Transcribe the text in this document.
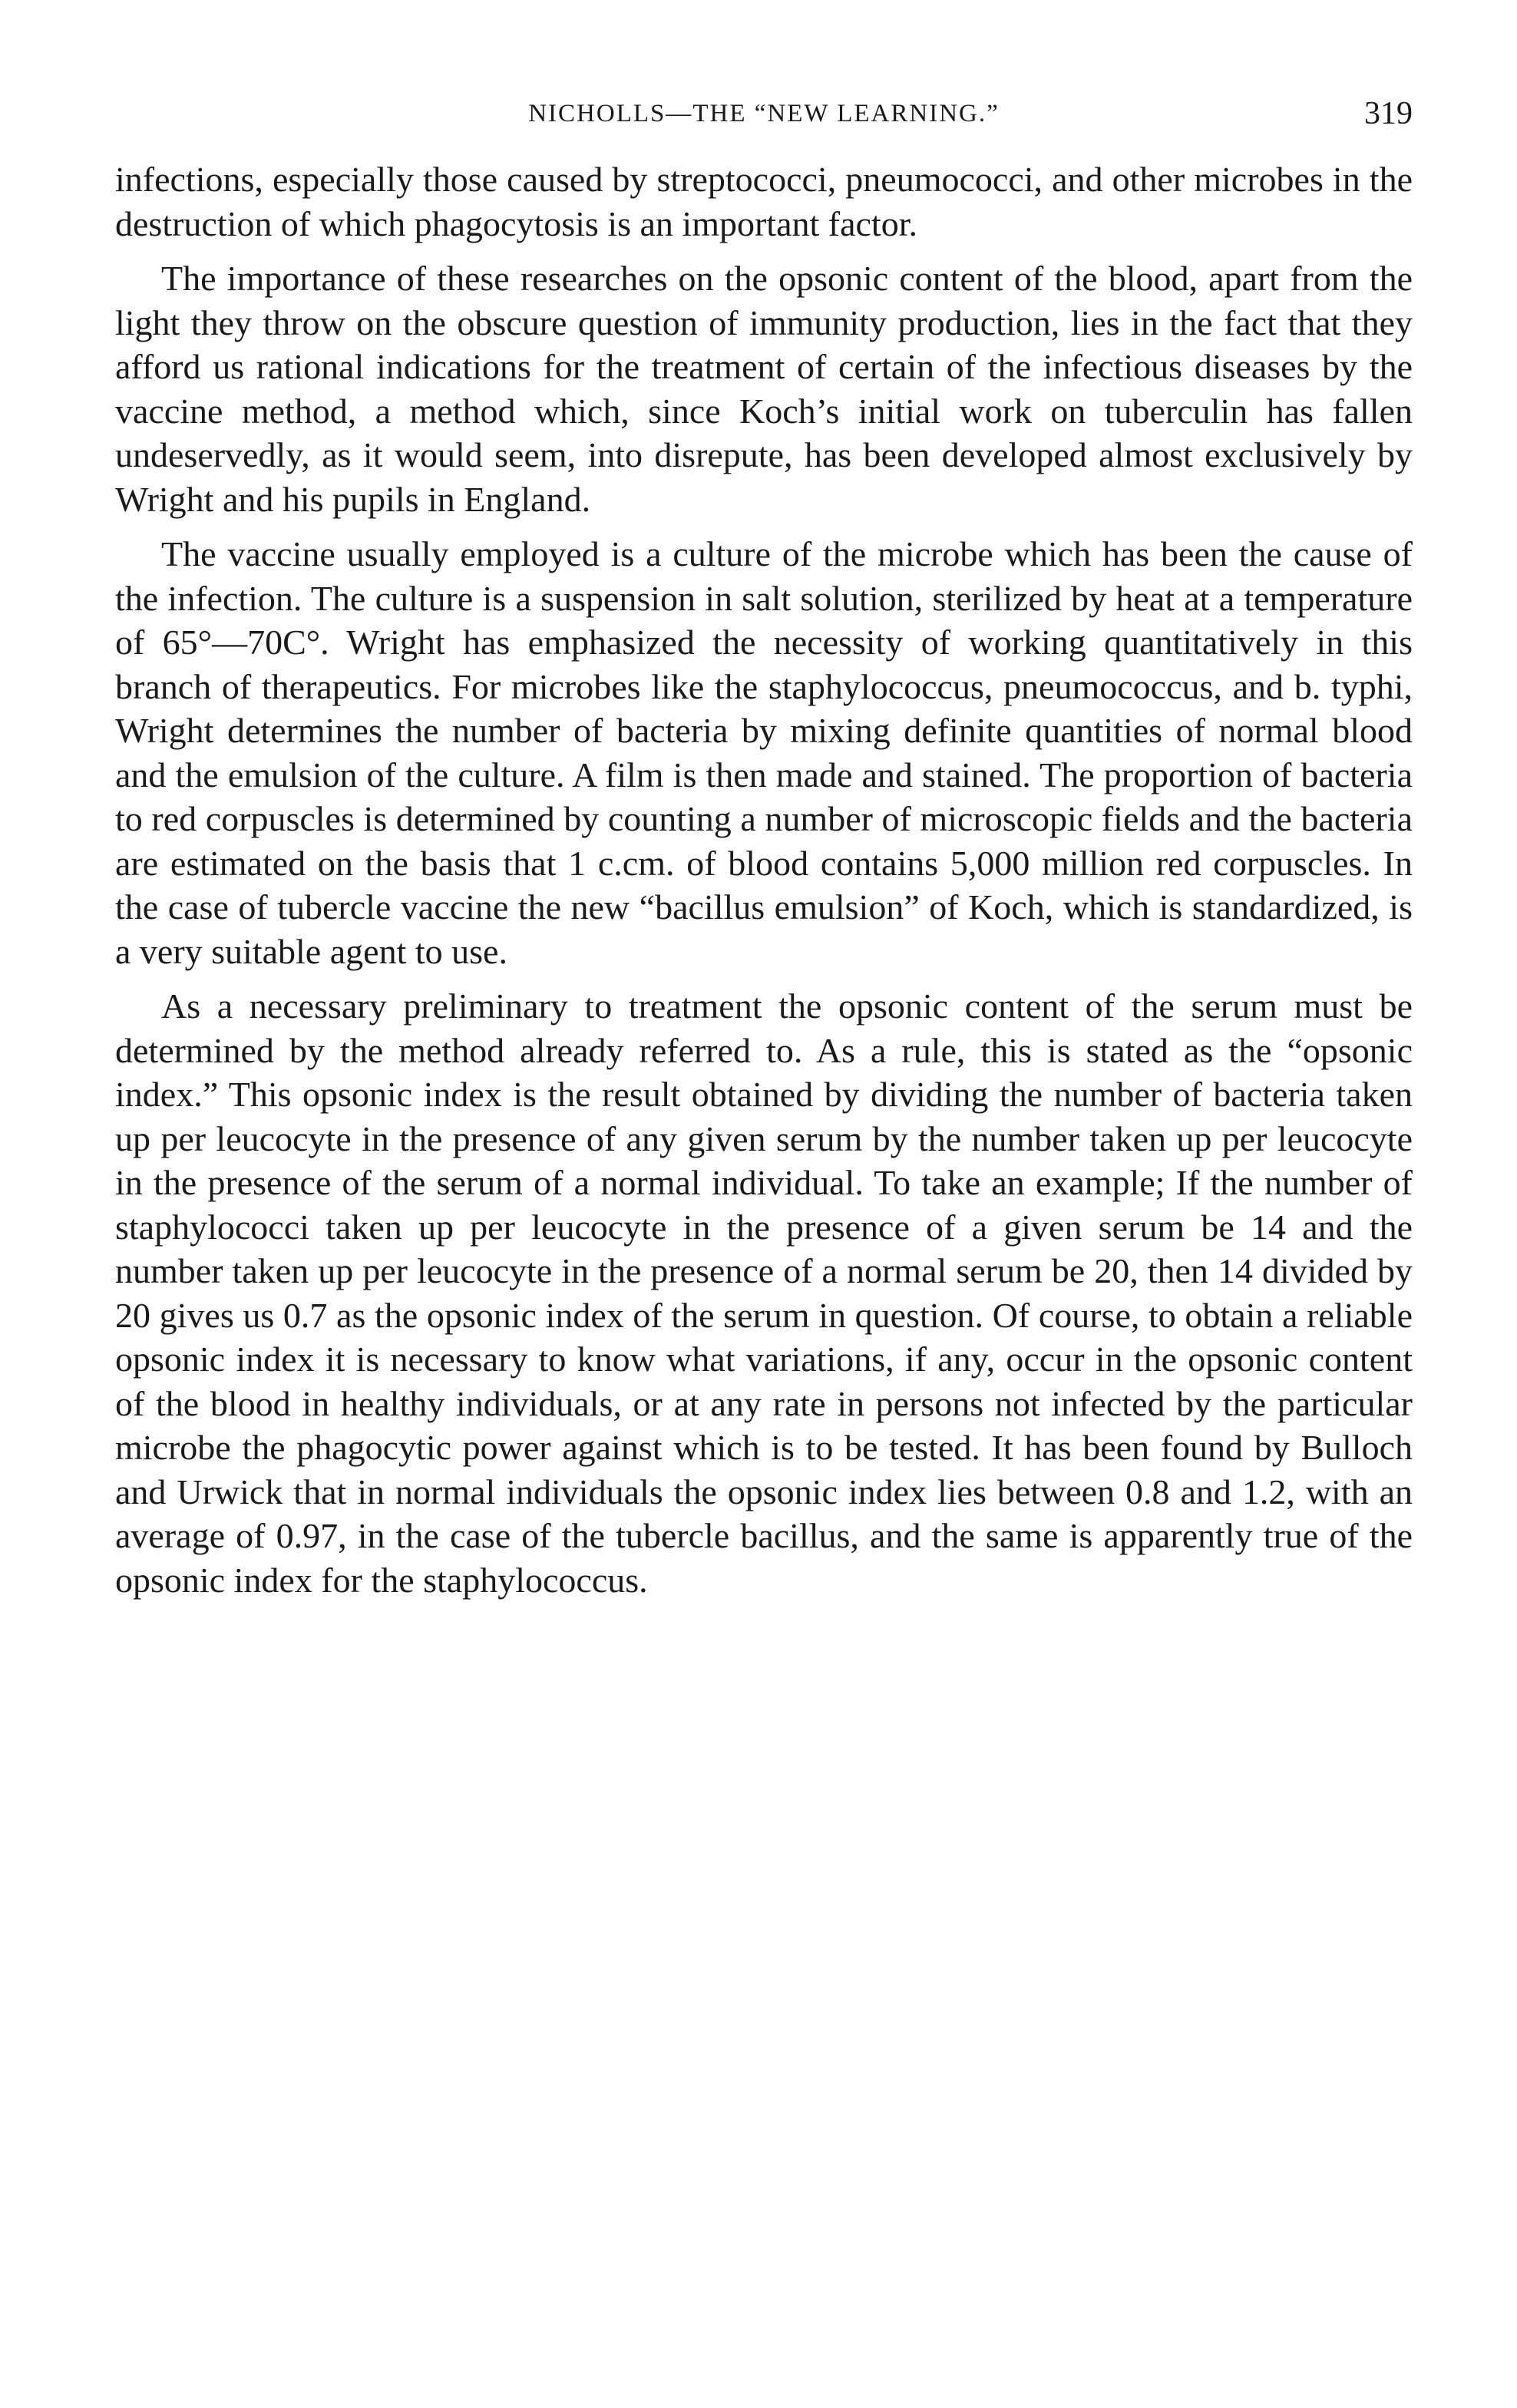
NICHOLLS—THE “NEW LEARNING.”	319

infections, especially those caused by streptococci, pneumococci, and other microbes in the destruction of which phagocytosis is an important factor.

The importance of these researches on the opsonic content of the blood, apart from the light they throw on the obscure question of immunity production, lies in the fact that they afford us rational indications for the treatment of certain of the infectious diseases by the vaccine method, a method which, since Koch’s initial work on tuberculin has fallen undeservedly, as it would seem, into disrepute, has been developed almost exclusively by Wright and his pupils in England.

The vaccine usually employed is a culture of the microbe which has been the cause of the infection. The culture is a suspension in salt solution, sterilized by heat at a temperature of 65°—70C°. Wright has emphasized the necessity of working quantitatively in this branch of therapeutics. For microbes like the staphylococcus, pneumococcus, and b. typhi, Wright determines the number of bacteria by mixing definite quantities of normal blood and the emulsion of the culture. A film is then made and stained. The proportion of bacteria to red corpuscles is determined by counting a number of microscopic fields and the bacteria are estimated on the basis that 1 c.cm. of blood contains 5,000 million red corpuscles. In the case of tubercle vaccine the new “bacillus emulsion” of Koch, which is standardized, is a very suitable agent to use.

As a necessary preliminary to treatment the opsonic content of the serum must be determined by the method already referred to. As a rule, this is stated as the “opsonic index.” This opsonic index is the result obtained by dividing the number of bacteria taken up per leucocyte in the presence of any given serum by the number taken up per leucocyte in the presence of the serum of a normal individual. To take an example; If the number of staphylococci taken up per leucocyte in the presence of a given serum be 14 and the number taken up per leucocyte in the presence of a normal serum be 20, then 14 divided by 20 gives us 0.7 as the opsonic index of the serum in question. Of course, to obtain a reliable opsonic index it is necessary to know what variations, if any, occur in the opsonic content of the blood in healthy individuals, or at any rate in persons not infected by the particular microbe the phagocytic power against which is to be tested. It has been found by Bulloch and Urwick that in normal individuals the opsonic index lies between 0.8 and 1.2, with an average of 0.97, in the case of the tubercle bacillus, and the same is apparently true of the opsonic index for the staphylococcus.
